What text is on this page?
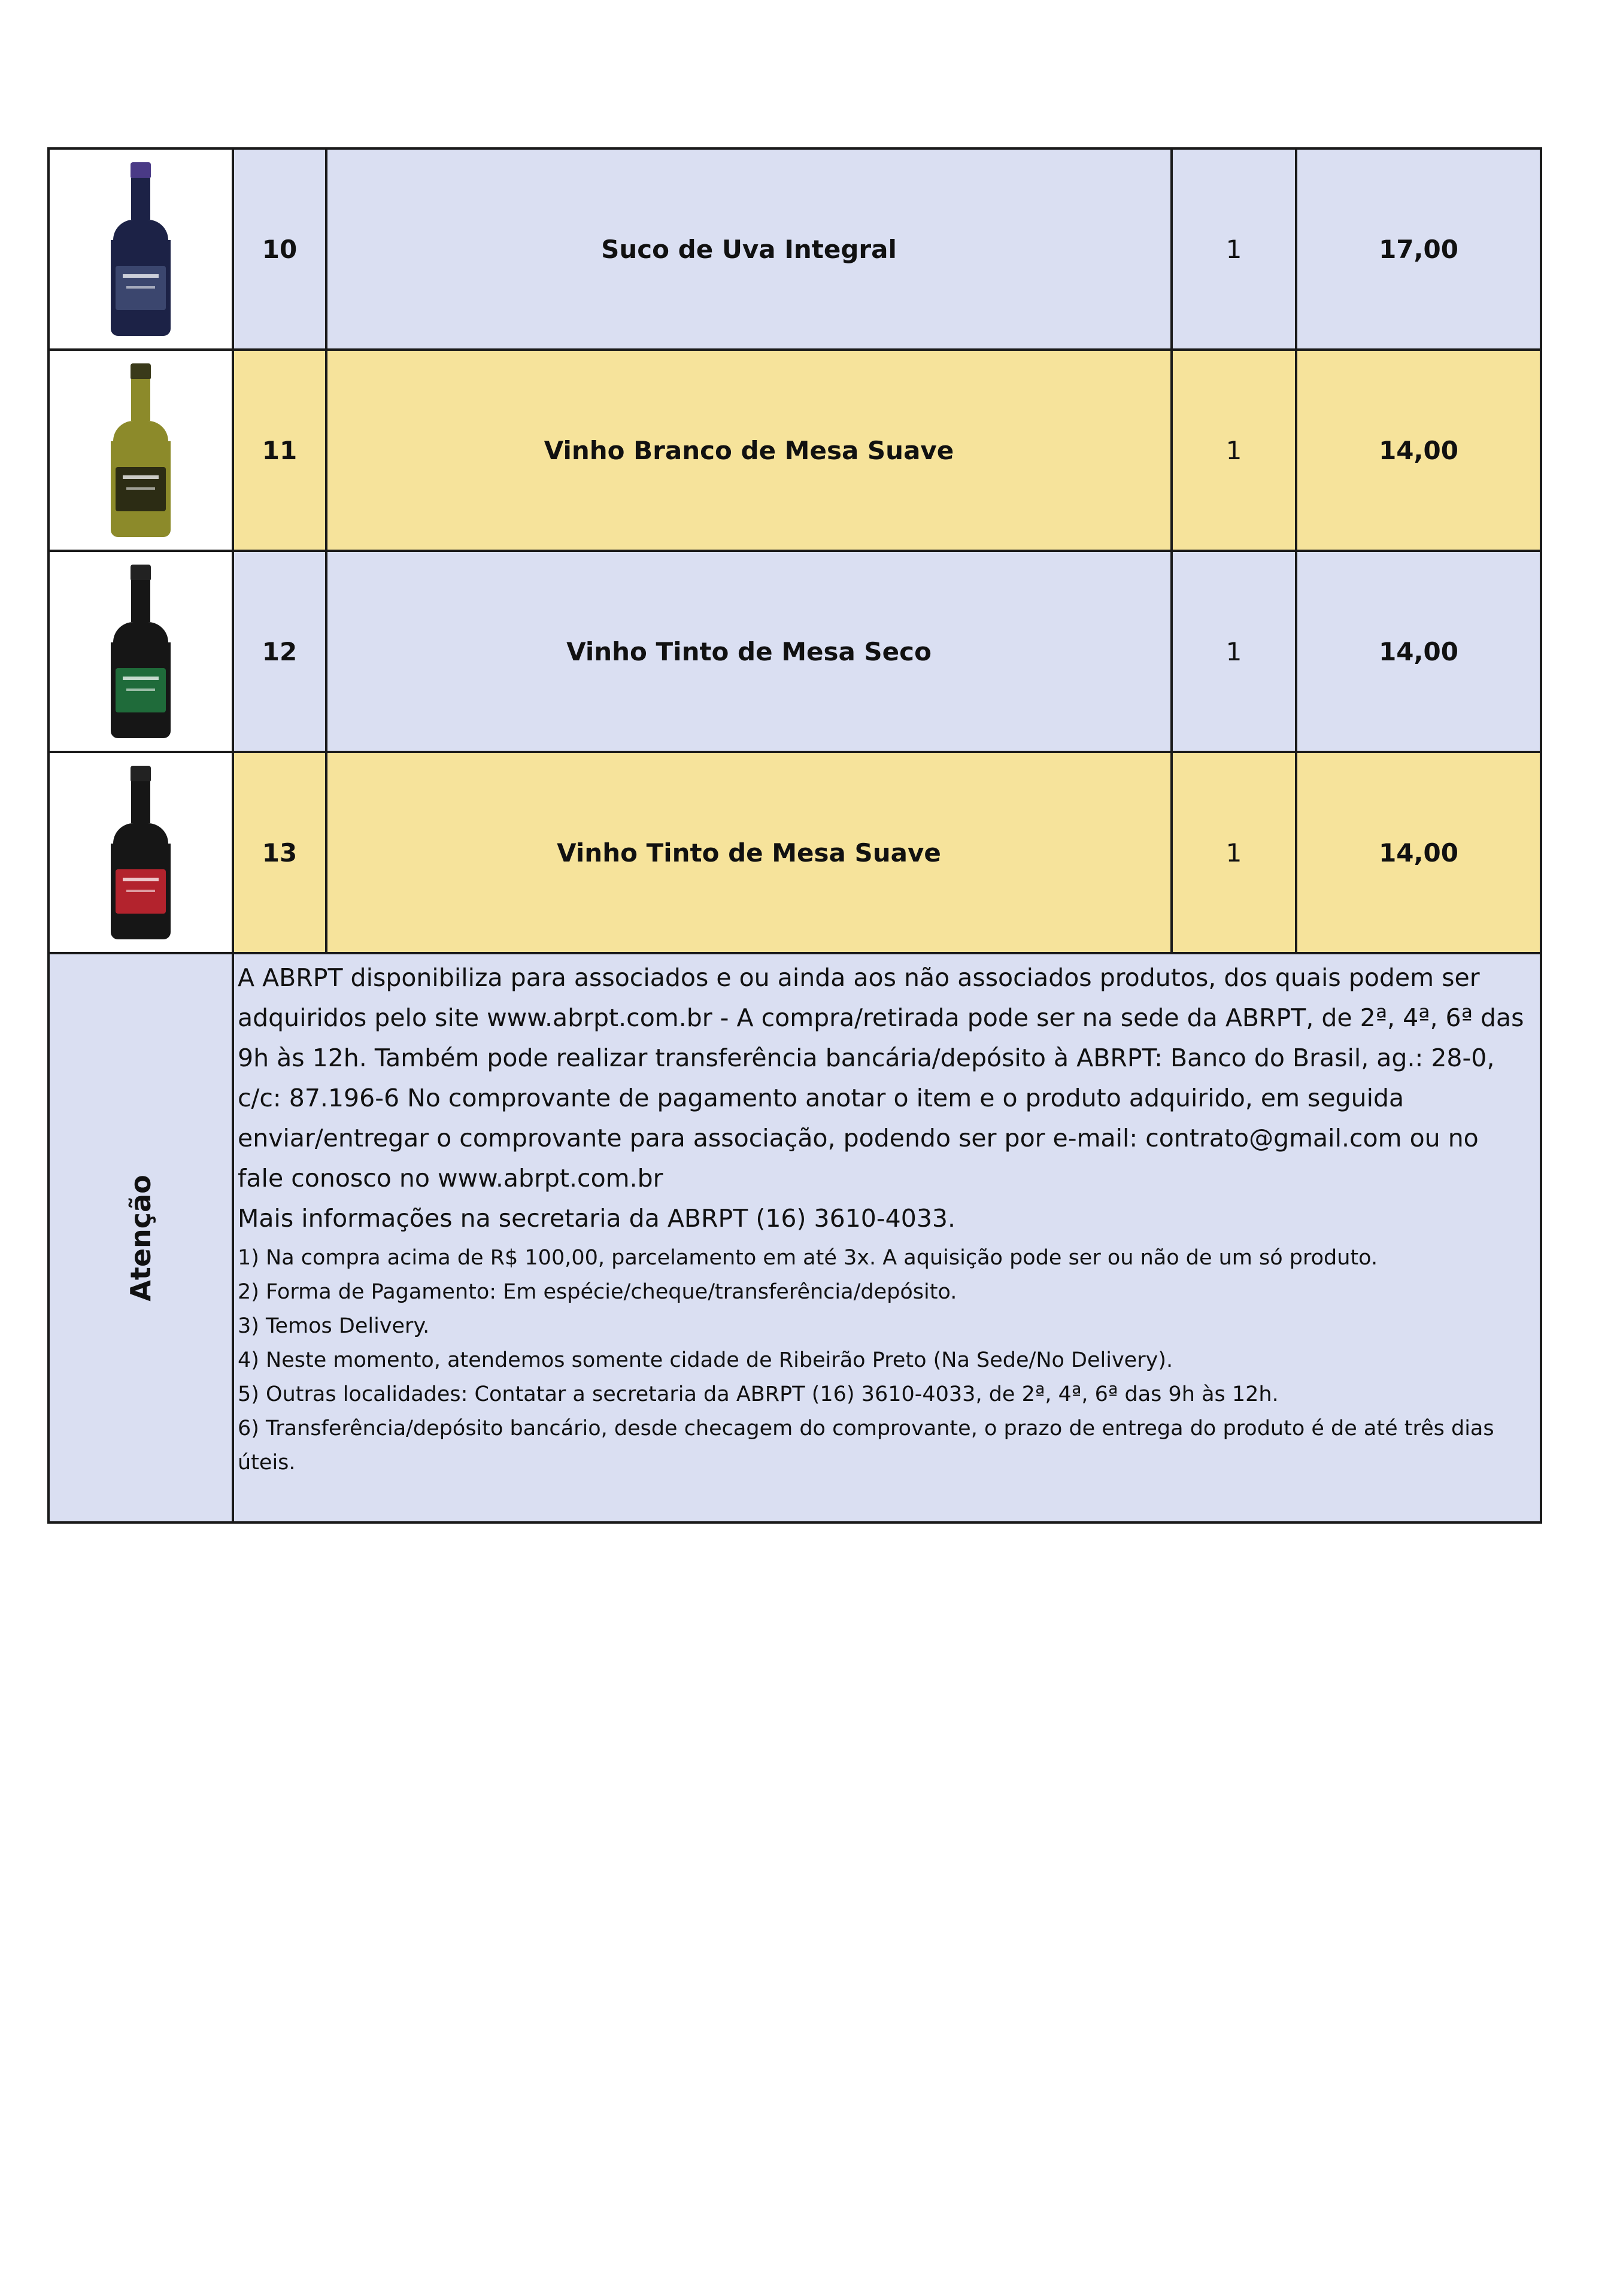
10	Suco de Uva Integral	1	17,00
11	Vinho Branco de Mesa Suave	1	14,00
12	Vinho Tinto de Mesa Seco	1	14,00
13	Vinho Tinto de Mesa Suave	1	14,00
Atenção

A ABRPT disponibiliza para associados e ou ainda aos não associados produtos, dos quais podem ser adquiridos pelo site www.abrpt.com.br - A compra/retirada pode ser na sede da ABRPT, de 2ª, 4ª, 6ª das 9h às 12h. Também pode realizar transferência bancária/depósito à ABRPT: Banco do Brasil, ag.: 28-0, c/c: 87.196-6 No comprovante de pagamento anotar o item e o produto adquirido, em seguida enviar/entregar o comprovante para associação, podendo ser por e-mail: contrato@gmail.com ou no fale conosco no www.abrpt.com.br

Mais informações na secretaria da ABRPT (16) 3610-4033.

1) Na compra acima de R$ 100,00, parcelamento em até 3x. A aquisição pode ser ou não de um só produto.
2) Forma de Pagamento: Em espécie/cheque/transferência/depósito.
3) Temos Delivery.
4) Neste momento, atendemos somente cidade de Ribeirão Preto (Na Sede/No Delivery).
5) Outras localidades: Contatar a secretaria da ABRPT (16) 3610-4033, de 2ª, 4ª, 6ª das 9h às 12h.
6) Transferência/depósito bancário, desde checagem do comprovante, o prazo de entrega do produto é de até três dias úteis.
